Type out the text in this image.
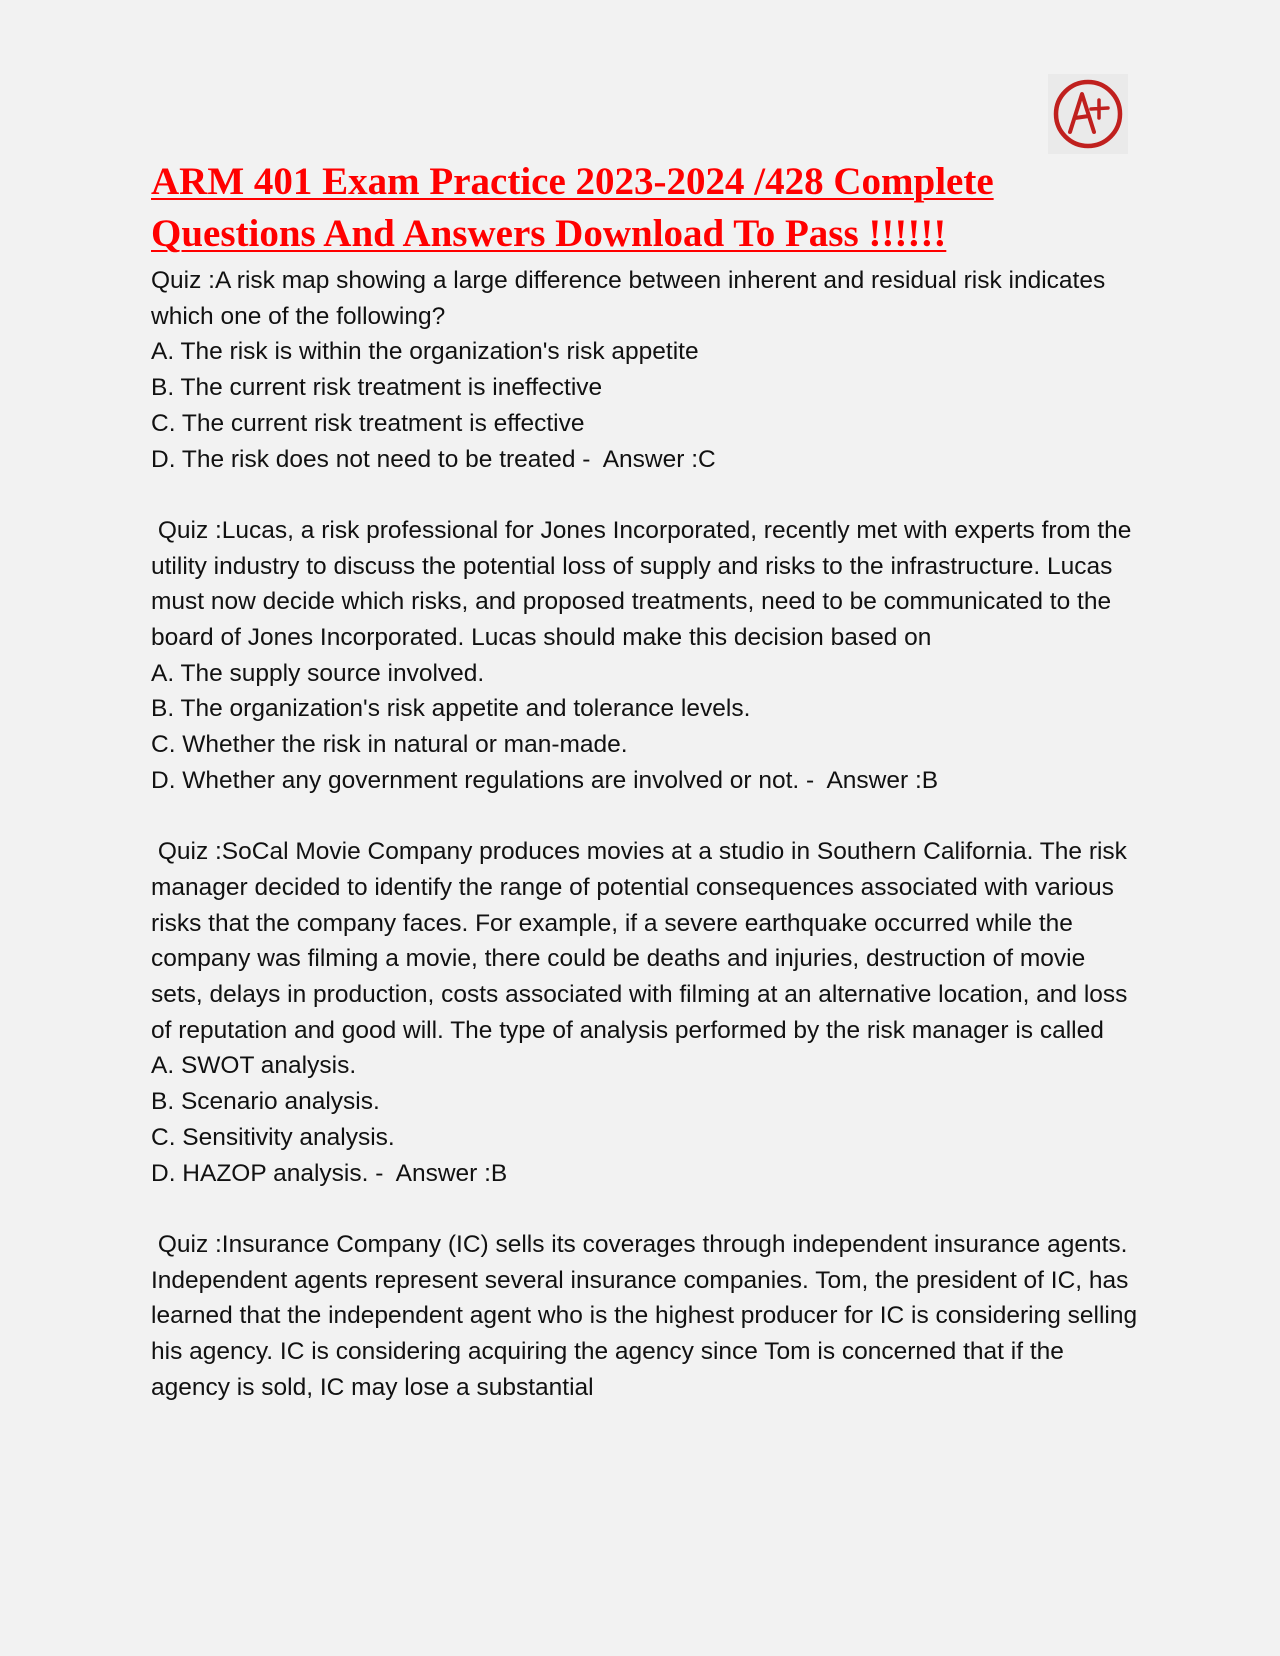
ARM 401 Exam Practice 2023-2024 /428 Complete Questions And Answers Download To Pass !!!!!!

Quiz :A risk map showing a large difference between inherent and residual risk indicates which one of the following?

A. The risk is within the organization's risk appetite

B. The current risk treatment is ineffective

C. The current risk treatment is effective

D. The risk does not need to be treated -  Answer :C

Quiz :Lucas, a risk professional for Jones Incorporated, recently met with experts from the utility industry to discuss the potential loss of supply and risks to the infrastructure. Lucas must now decide which risks, and proposed treatments, need to be communicated to the board of Jones Incorporated. Lucas should make this decision based on

A. The supply source involved.

B. The organization's risk appetite and tolerance levels.

C. Whether the risk in natural or man-made.

D. Whether any government regulations are involved or not. -  Answer :B

Quiz :SoCal Movie Company produces movies at a studio in Southern California. The risk manager decided to identify the range of potential consequences associated with various risks that the company faces. For example, if a severe earthquake occurred while the company was filming a movie, there could be deaths and injuries, destruction of movie sets, delays in production, costs associated with filming at an alternative location, and loss of reputation and good will. The type of analysis performed by the risk manager is called

A. SWOT analysis.

B. Scenario analysis.

C. Sensitivity analysis.

D. HAZOP analysis. -  Answer :B

Quiz :Insurance Company (IC) sells its coverages through independent insurance agents. Independent agents represent several insurance companies. Tom, the president of IC, has learned that the independent agent who is the highest producer for IC is considering selling his agency. IC is considering acquiring the agency since Tom is concerned that if the agency is sold, IC may lose a substantial
